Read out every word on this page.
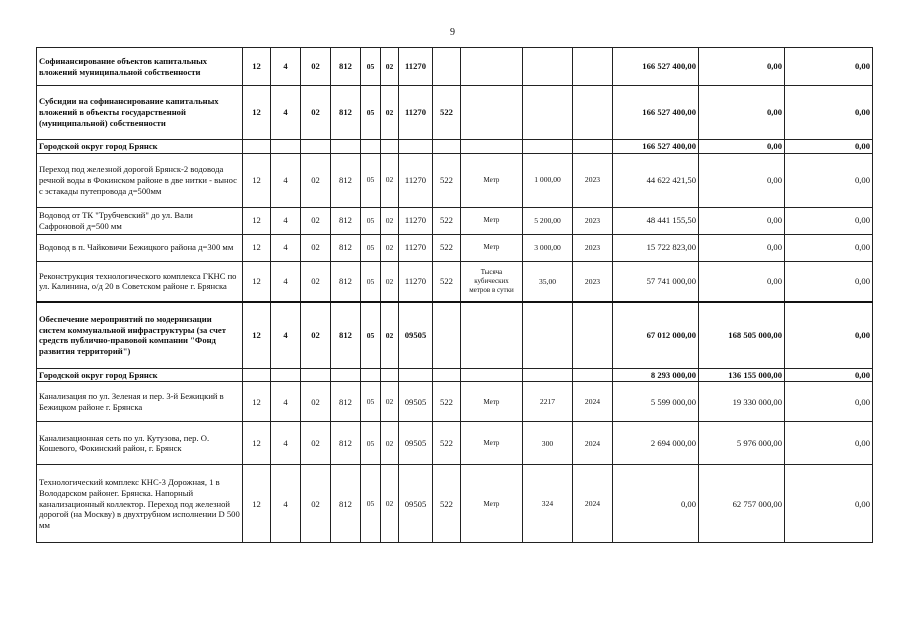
9
Софинансирование объектов капитальных вложений муниципальной собственности	12	4	02	812	05	02	11270					166 527 400,00	0,00	0,00
Субсидии на софинансирование капитальных вложений в объекты государственной (муниципальной) собственности	12	4	02	812	05	02	11270	522				166 527 400,00	0,00	0,00
Городской округ город Брянск												166 527 400,00	0,00	0,00
Переход под железной дорогой Брянск-2 водовода речной воды в Фокинском районе в две нитки - вынос с эстакады путепровода д=500мм	12	4	02	812	05	02	11270	522	Метр	1 000,00	2023	44 622 421,50	0,00	0,00
Водовод от ТК "Трубчевский" до ул. Вали Сафроновой д=500 мм	12	4	02	812	05	02	11270	522	Метр	5 200,00	2023	48 441 155,50	0,00	0,00
Водовод в п. Чайковичи Бежицкого района д=300 мм	12	4	02	812	05	02	11270	522	Метр	3 000,00	2023	15 722 823,00	0,00	0,00
Реконструкция технологического комплекса ГКНС по ул. Калинина, о/д 20 в Советском районе г. Брянска	12	4	02	812	05	02	11270	522	Тысяча кубических метров в сутки	35,00	2023	57 741 000,00	0,00	0,00
Обеспечение мероприятий по модернизации систем коммунальной инфраструктуры (за счет средств публично-правовой компании "Фонд развития территорий")	12	4	02	812	05	02	09505					67 012 000,00	168 505 000,00	0,00
Городской округ город Брянск												8 293 000,00	136 155 000,00	0,00
Канализация по ул. Зеленая и пер. 3-й Бежицкий в Бежицком районе г. Брянска	12	4	02	812	05	02	09505	522	Метр	2217	2024	5 599 000,00	19 330 000,00	0,00
Канализационная сеть по ул. Кутузова, пер. О. Кошевого, Фокинский район, г. Брянск	12	4	02	812	05	02	09505	522	Метр	300	2024	2 694 000,00	5 976 000,00	0,00
Технологический комплекс КНС-3 Дорожная, 1 в Володарском районег. Брянска. Напорный канализационный коллектор. Переход под железной дорогой (на Москву) в двухтрубном исполнении D 500 мм	12	4	02	812	05	02	09505	522	Метр	324	2024	0,00	62 757 000,00	0,00
